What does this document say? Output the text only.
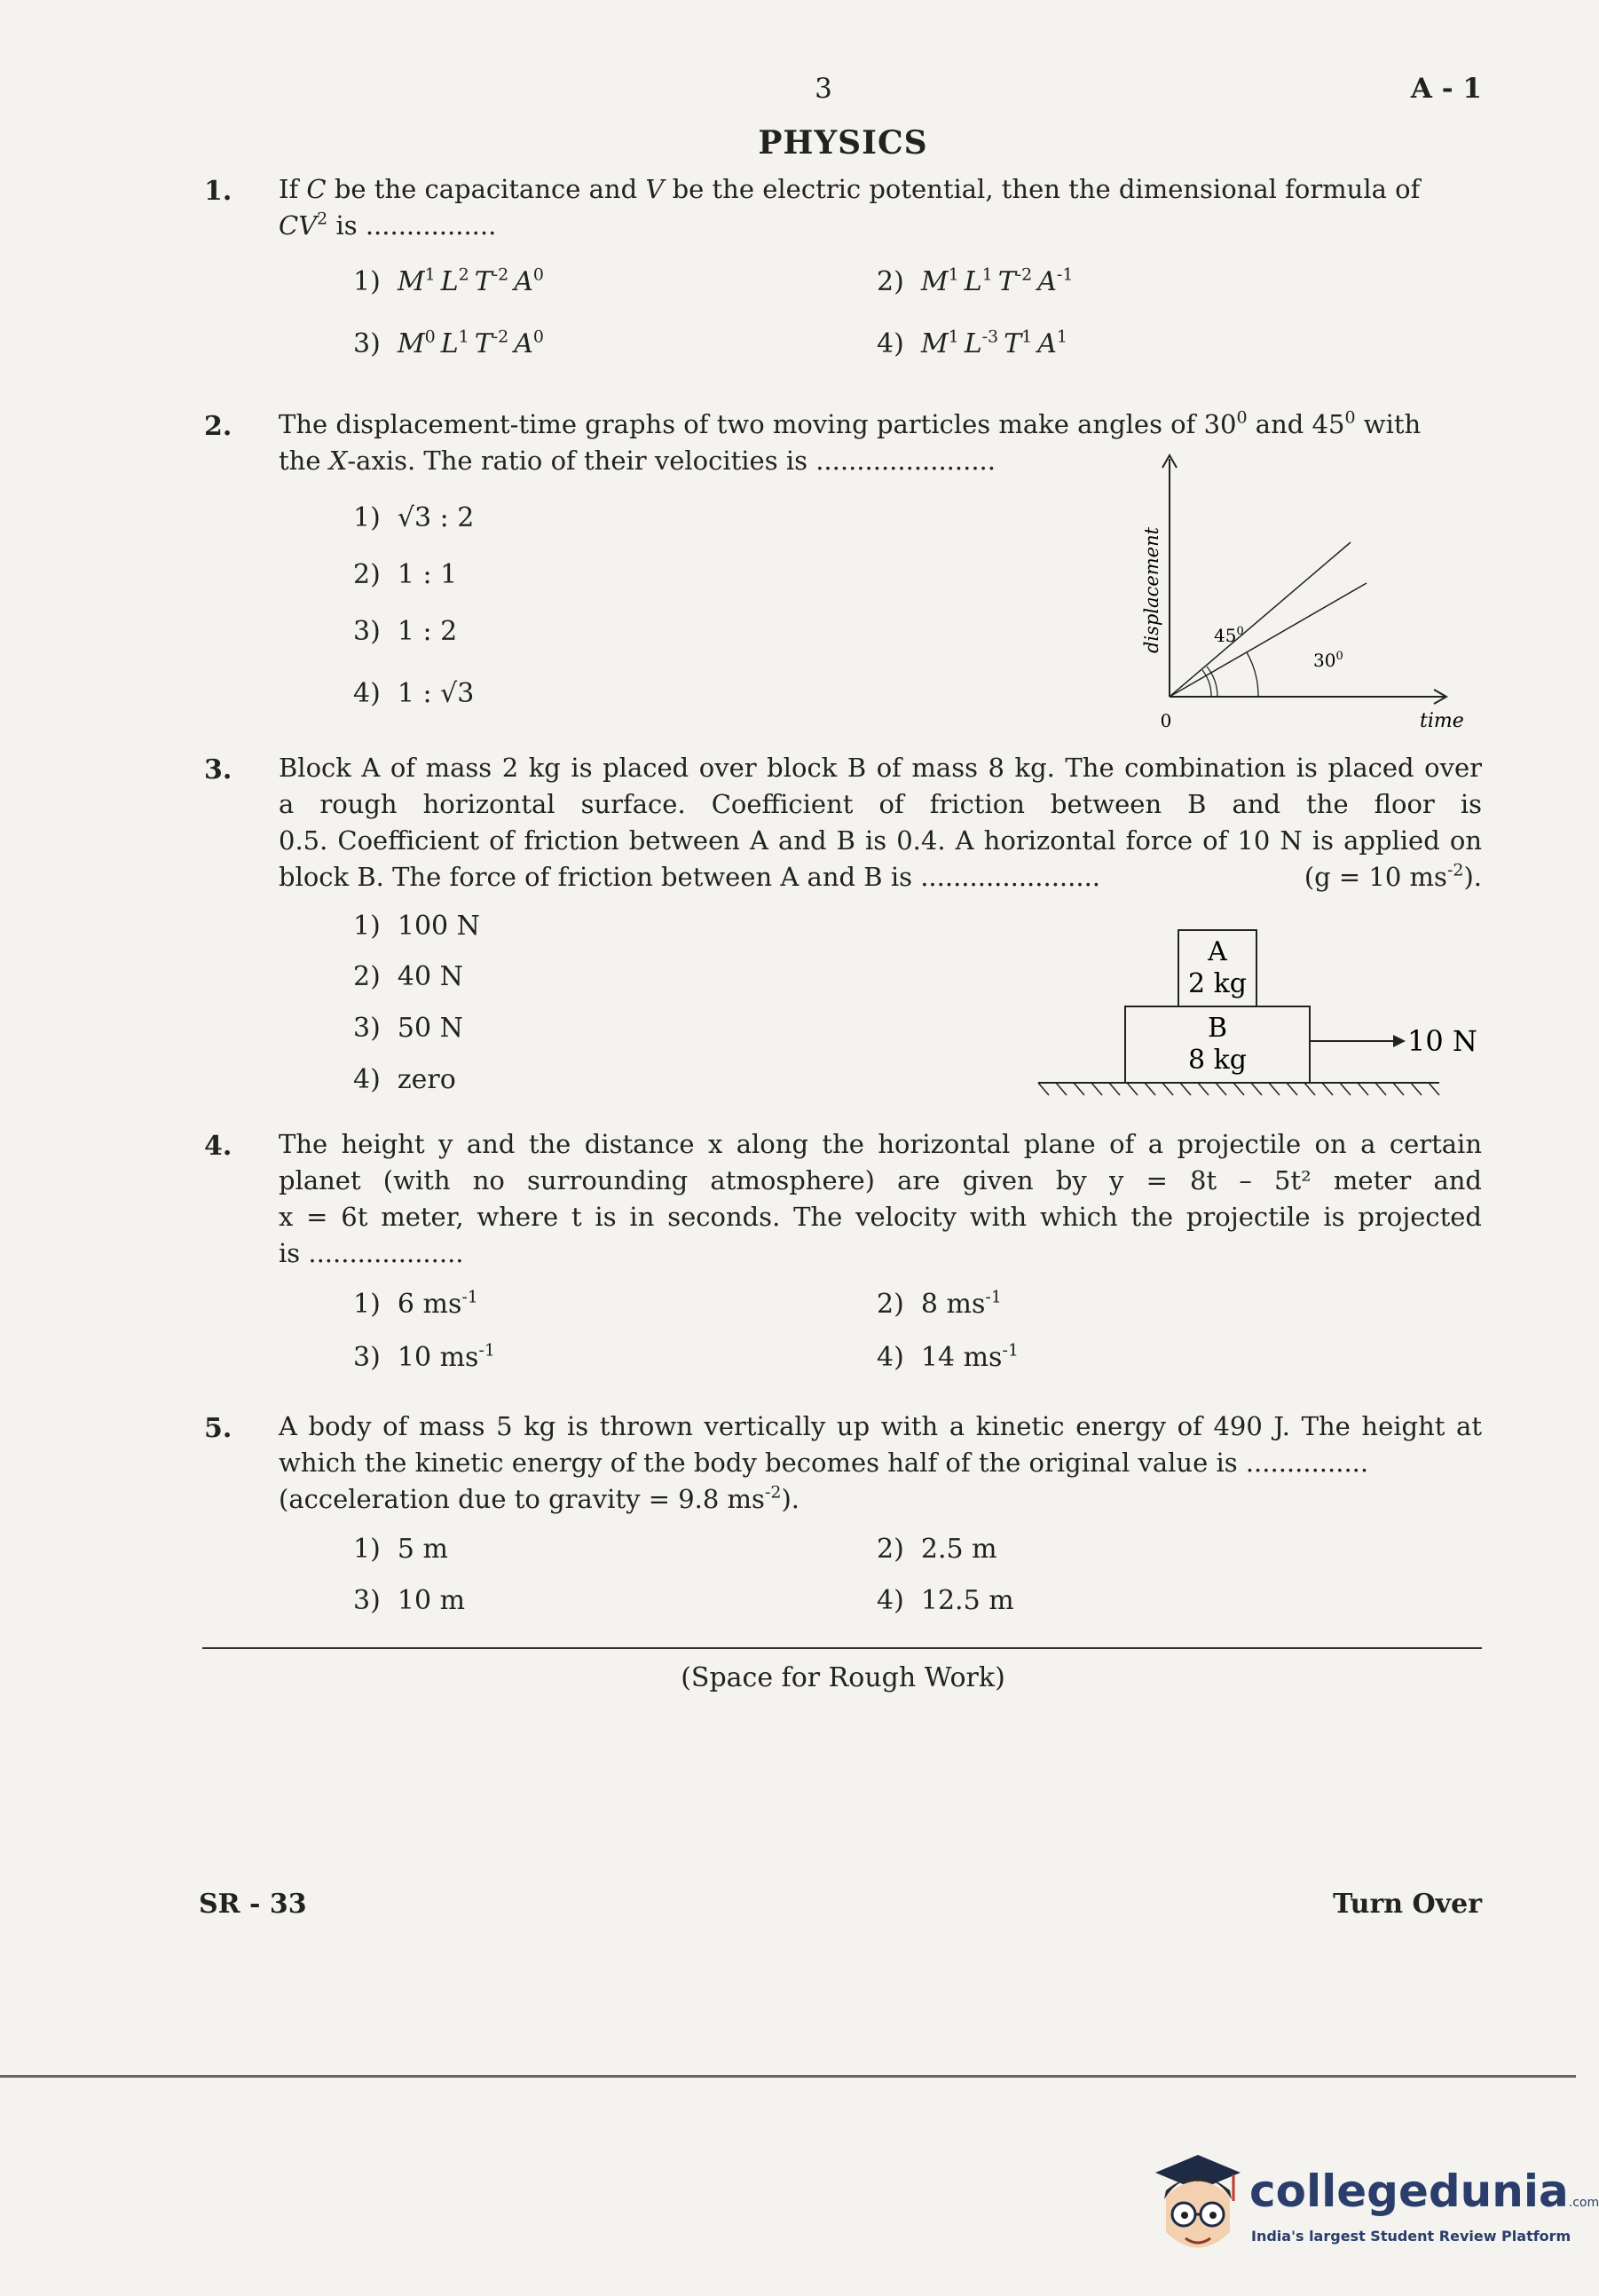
3	A - 1
PHYSICS
1. If C be the capacitance and V be the electric potential, then the dimensional formula of
$CV^2$ is ................
1) $M^1$  $L^2$  $T^{-2}$  $A^0$ 	2) $M^1$  $L^1$  $T^{-2}$  $A^{-1}$ 
3) $M^0$  $L^1$  $T^{-2}$  $A^0$ 	4) $M^1$  $L^{-3}$  $T^1$  $A^1$ 
2. The displacement-time graphs of two moving particles make angles of $30^0$ and $45^0$ with
the X-axis. The ratio of their velocities is ......................
1) √3 : 2
2) 1 : 1
3) 1 : 2
4) 1 : √3
displacement	$45^0$
$30^0$
0	time
3. Block A of mass 2 kg is placed over block B of mass 8 kg. The combination is placed over
a rough horizontal surface. Coefficient of friction between B and the floor is
0.5. Coefficient of friction between A and B is 0.4. A horizontal force of 10 N is applied on
block B. The force of friction between A and B is ......................	(g = 10 $ms^{-2}$).
1) 100 N
2) 40 N
3) 50 N
4) zero
A
2 kg
B
8 kg
10 N
4. The height y and the distance x along the horizontal plane of a projectile on a certain
planet (with no surrounding atmosphere) are given by y = 8t – 5t² meter and
x = 6t meter, where t is in seconds. The velocity with which the projectile is projected
is ...................
1) 6 $ms^{-1}$	2) 8 $ms^{-1}$
3) 10 $ms^{-1}$	4) 14 $ms^{-1}$
5. A body of mass 5 kg is thrown vertically up with a kinetic energy of 490 J. The height at
which the kinetic energy of the body becomes half of the original value is ...............
(acceleration due to gravity = 9.8 $ms^{-2}$).
1) 5 m	2) 2.5 m
3) 10 m	4) 12.5 m
(Space for Rough Work)
SR - 33	Turn Over
collegedunia.com
India's largest Student Review Platform
